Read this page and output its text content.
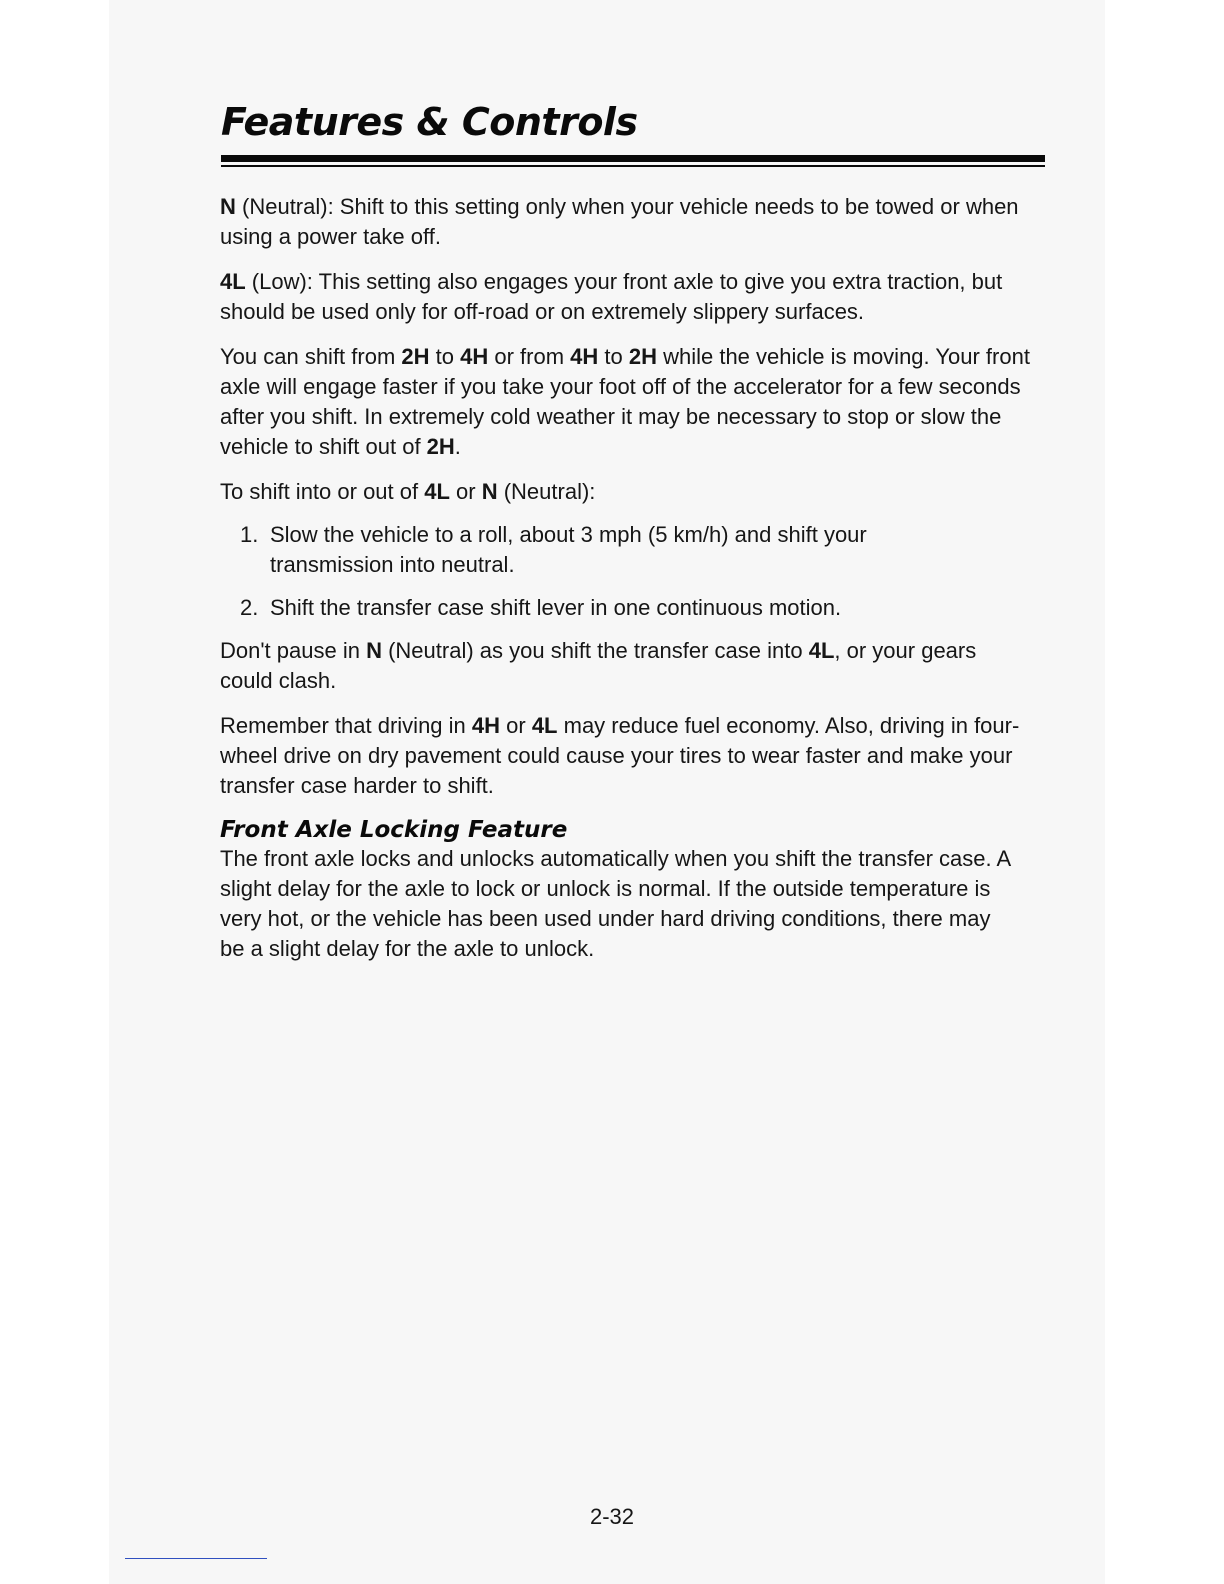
Features & Controls

N (Neutral): Shift to this setting only when your vehicle needs to be towed or when using a power take off.

4L (Low): This setting also engages your front axle to give you extra traction, but should be used only for off-road or on extremely slippery surfaces.

You can shift from 2H to 4H or from 4H to 2H while the vehicle is moving. Your front axle will engage faster if you take your foot off of the accelerator for a few seconds after you shift. In extremely cold weather it may be necessary to stop or slow the vehicle to shift out of 2H.

To shift into or out of 4L or N (Neutral):

1. Slow the vehicle to a roll, about 3 mph (5 km/h) and shift your transmission into neutral.
2. Shift the transfer case shift lever in one continuous motion.

Don't pause in N (Neutral) as you shift the transfer case into 4L, or your gears could clash.

Remember that driving in 4H or 4L may reduce fuel economy. Also, driving in four-wheel drive on dry pavement could cause your tires to wear faster and make your transfer case harder to shift.

Front Axle Locking Feature

The front axle locks and unlocks automatically when you shift the transfer case. A slight delay for the axle to lock or unlock is normal. If the outside temperature is very hot, or the vehicle has been used under hard driving conditions, there may be a slight delay for the axle to unlock.

2-32
